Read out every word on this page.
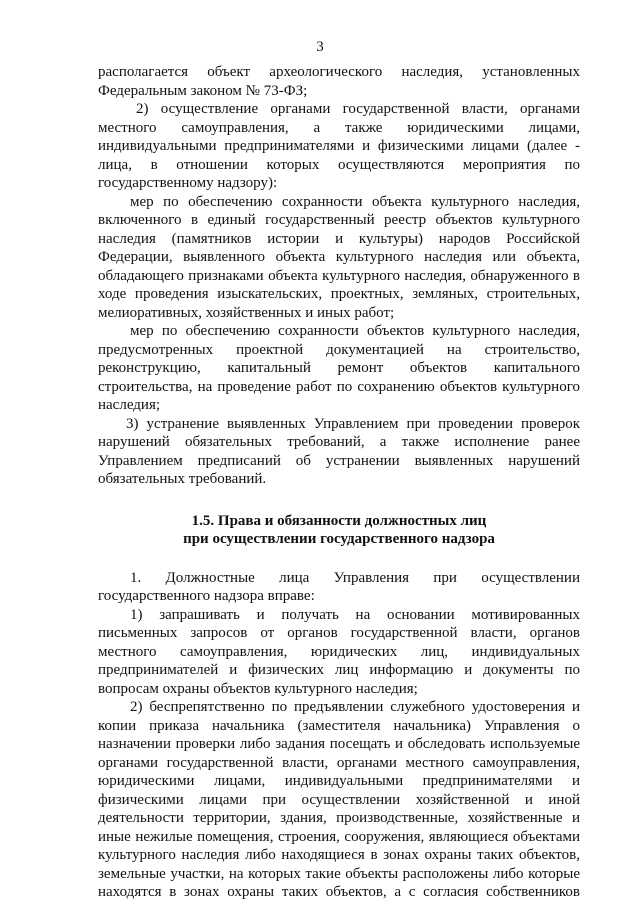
3
располагается объект археологического наследия, установленных
Федеральным законом № 73-ФЗ;
2) осуществление органами государственной власти, органами
местного самоуправления, а также юридическими лицами,
индивидуальными предпринимателями и физическими лицами (далее -
лица, в отношении которых осуществляются мероприятия по
государственному надзору):
мер по обеспечению сохранности объекта культурного наследия,
включенного в единый государственный реестр объектов культурного
наследия (памятников истории и культуры) народов Российской
Федерации, выявленного объекта культурного наследия или объекта,
обладающего признаками объекта культурного наследия, обнаруженного в
ходе проведения изыскательских, проектных, земляных, строительных,
мелиоративных, хозяйственных и иных работ;
мер по обеспечению сохранности объектов культурного наследия,
предусмотренных проектной документацией на строительство,
реконструкцию, капитальный ремонт объектов капитального
строительства, на проведение работ по сохранению объектов культурного
наследия;
3) устранение выявленных Управлением при проведении проверок
нарушений обязательных требований, а также исполнение ранее
Управлением предписаний об устранении выявленных нарушений
обязательных требований.
1.5. Права и обязанности должностных лиц
при осуществлении государственного надзора
1. Должностные лица Управления при осуществлении
государственного надзора вправе:
1) запрашивать и получать на основании мотивированных
письменных запросов от органов государственной власти, органов
местного самоуправления, юридических лиц, индивидуальных
предпринимателей и физических лиц информацию и документы по
вопросам охраны объектов культурного наследия;
2) беспрепятственно по предъявлении служебного удостоверения и
копии приказа начальника (заместителя начальника) Управления о
назначении проверки либо задания посещать и обследовать используемые
органами государственной власти, органами местного самоуправления,
юридическими лицами, индивидуальными предпринимателями и
физическими лицами при осуществлении хозяйственной и иной
деятельности территории, здания, производственные, хозяйственные и
иные нежилые помещения, строения, сооружения, являющиеся объектами
культурного наследия либо находящиеся в зонах охраны таких объектов,
земельные участки, на которых такие объекты расположены либо которые
находятся в зонах охраны таких объектов, а с согласия собственников
